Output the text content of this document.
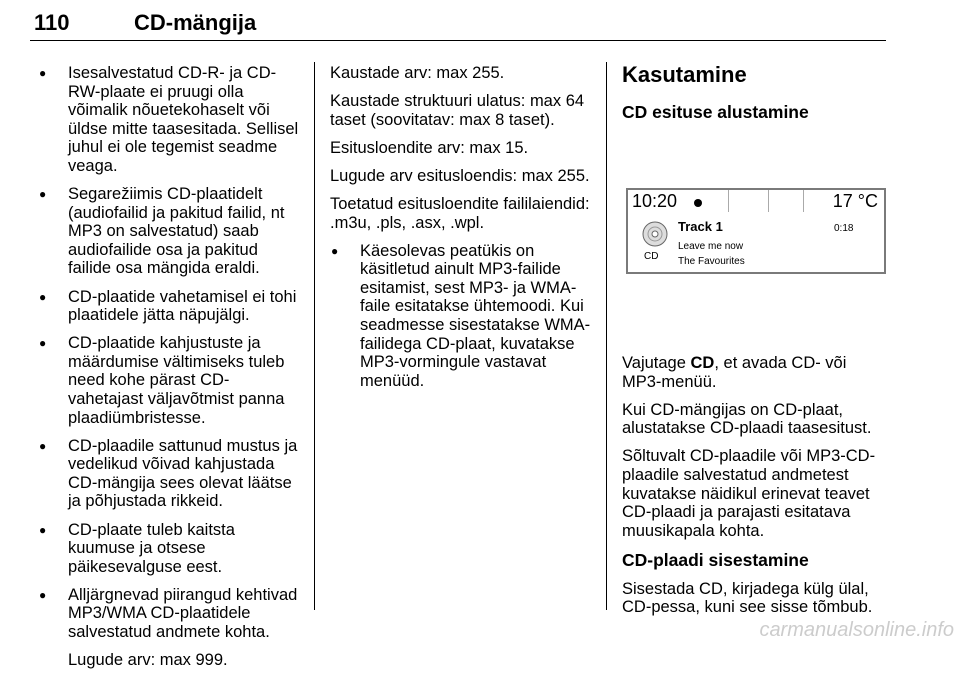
110	CD-mängija
● Isesalvestatud CD-R- ja CD-RW-plaate ei pruugi olla võimalik nõuetekohaselt või üldse mitte taasesitada. Sellisel juhul ei ole tegemist seadme veaga.
● Segarežiimis CD-plaatidelt (audiofailid ja pakitud failid, nt MP3 on salvestatud) saab audiofailide osa ja pakitud failide osa mängida eraldi.
● CD-plaatide vahetamisel ei tohi plaatidele jätta näpujälgi.
● CD-plaatide kahjustuste ja määrdumise vältimiseks tuleb need kohe pärast CD-vahetajast väljavõtmist panna plaadiümbristesse.
● CD-plaadile sattunud mustus ja vedelikud võivad kahjustada CD-mängija sees olevat läätse ja põhjustada rikkeid.
● CD-plaate tuleb kaitsta kuumuse ja otsese päikesevalguse eest.
● Alljärgnevad piirangud kehtivad MP3/WMA CD-plaatidele salvestatud andmete kohta.
Lugude arv: max 999.
Kaustade arv: max 255.
Kaustade struktuuri ulatus: max 64 taset (soovitatav: max 8 taset).
Esitusloendite arv: max 15.
Lugude arv esitusloendis: max 255.
Toetatud esitusloendite faililaiendid: .m3u, .pls, .asx, .wpl.
● Käesolevas peatükis on käsitletud ainult MP3-failide esitamist, sest MP3- ja WMA-faile esitatakse ühtemoodi. Kui seadmesse sisestatakse WMA-failidega CD-plaat, kuvatakse MP3-vormingule vastavat menüüd.
Kasutamine
CD esituse alustamine
10:20	17 °C
CD
Track 1
Leave me now
The Favourites
0:18
Vajutage CD, et avada CD- või MP3-menüü.
Kui CD-mängijas on CD-plaat, alustatakse CD-plaadi taasesitust.
Sõltuvalt CD-plaadile või MP3-CD-plaadile salvestatud andmetest kuvatakse näidikul erinevat teavet CD-plaadi ja parajasti esitatava muusikapala kohta.
CD-plaadi sisestamine
Sisestada CD, kirjadega külg ülal, CD-pessa, kuni see sisse tõmbub.
carmanualsonline.info
